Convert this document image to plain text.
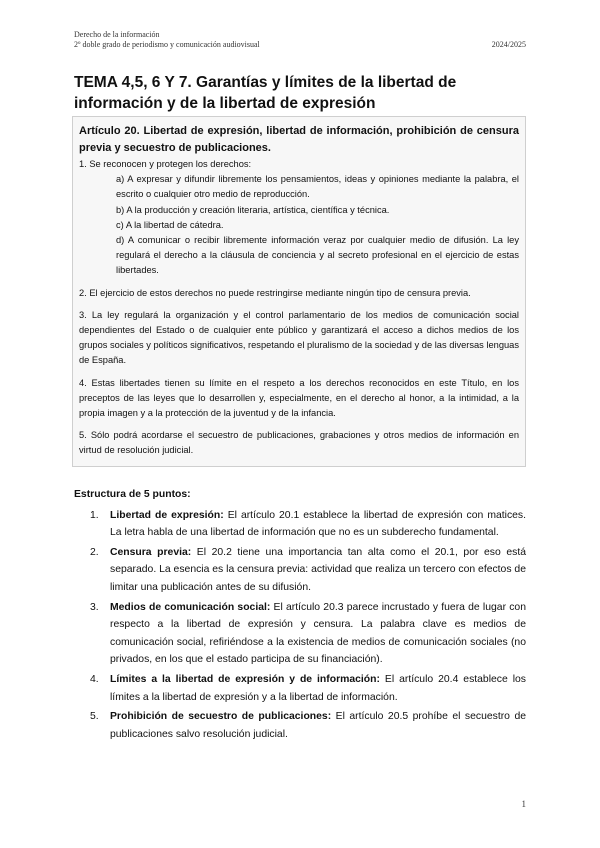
Derecho de la información
2º doble grado de periodismo y comunicación audiovisual	2024/2025
TEMA 4,5, 6 Y 7. Garantías y límites de la libertad de información y de la libertad de expresión

Artículo 20. Libertad de expresión, libertad de información, prohibición de censura previa y secuestro de publicaciones.

1. Se reconocen y protegen los derechos:

a) A expresar y difundir libremente los pensamientos, ideas y opiniones mediante la palabra, el escrito o cualquier otro medio de reproducción.

b) A la producción y creación literaria, artística, científica y técnica.

c) A la libertad de cátedra.

d) A comunicar o recibir libremente información veraz por cualquier medio de difusión. La ley regulará el derecho a la cláusula de conciencia y al secreto profesional en el ejercicio de estas libertades.

2. El ejercicio de estos derechos no puede restringirse mediante ningún tipo de censura previa.

3. La ley regulará la organización y el control parlamentario de los medios de comunicación social dependientes del Estado o de cualquier ente público y garantizará el acceso a dichos medios de los grupos sociales y políticos significativos, respetando el pluralismo de la sociedad y de las diversas lenguas de España.

4. Estas libertades tienen su límite en el respeto a los derechos reconocidos en este Título, en los preceptos de las leyes que lo desarrollen y, especialmente, en el derecho al honor, a la intimidad, a la propia imagen y a la protección de la juventud y de la infancia.

5. Sólo podrá acordarse el secuestro de publicaciones, grabaciones y otros medios de información en virtud de resolución judicial.

Estructura de 5 puntos:
1. Libertad de expresión: El artículo 20.1 establece la libertad de expresión con matices. La letra habla de una libertad de información que no es un subderecho fundamental.
2. Censura previa: El 20.2 tiene una importancia tan alta como el 20.1, por eso está separado. La esencia es la censura previa: actividad que realiza un tercero con efectos de limitar una publicación antes de su difusión.
3. Medios de comunicación social: El artículo 20.3 parece incrustado y fuera de lugar con respecto a la libertad de expresión y censura. La palabra clave es medios de comunicación social, refiriéndose a la existencia de medios de comunicación sociales (no privados, en los que el estado participa de su financiación).
4. Límites a la libertad de expresión y de información: El artículo 20.4 establece los límites a la libertad de expresión y a la libertad de información.
5. Prohibición de secuestro de publicaciones: El artículo 20.5 prohíbe el secuestro de publicaciones salvo resolución judicial.
1
